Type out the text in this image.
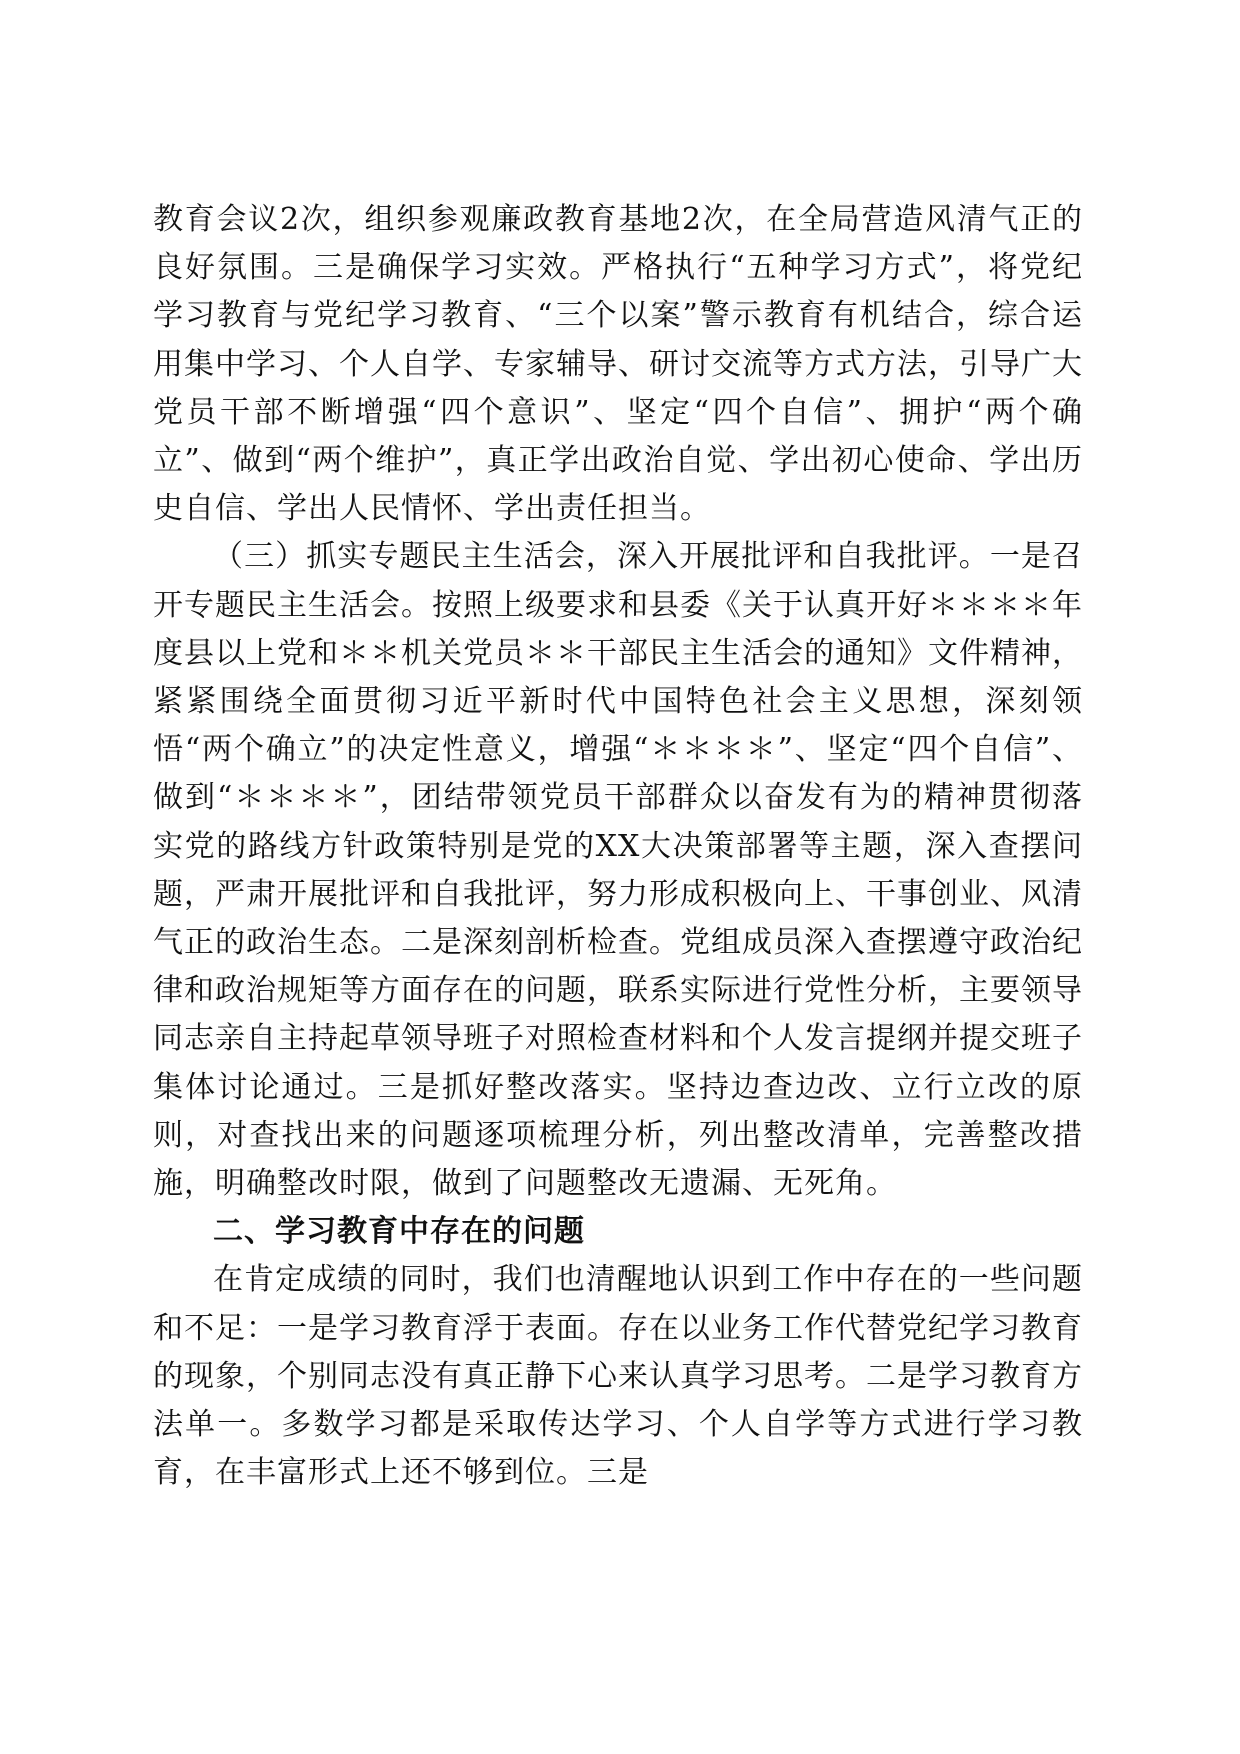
教育会议2次，组织参观廉政教育基地2次，在全局营造风清气正的良好氛围。三是确保学习实效。严格执行“五种学习方式”，将党纪学习教育与党纪学习教育、“三个以案”警示教育有机结合，综合运用集中学习、个人自学、专家辅导、研讨交流等方式方法，引导广大党员干部不断增强“四个意识”、坚定“四个自信”、拥护“两个确立”、做到“两个维护”，真正学出政治自觉、学出初心使命、学出历史自信、学出人民情怀、学出责任担当。

（三）抓实专题民主生活会，深入开展批评和自我批评。一是召开专题民主生活会。按照上级要求和县委《关于认真开好＊＊＊＊年度县以上党和＊＊机关党员＊＊干部民主生活会的通知》文件精神，紧紧围绕全面贯彻习近平新时代中国特色社会主义思想，深刻领悟“两个确立”的决定性意义，增强“＊＊＊＊”、坚定“四个自信”、做到“＊＊＊＊”，团结带领党员干部群众以奋发有为的精神贯彻落实党的路线方针政策特别是党的XX大决策部署等主题，深入查摆问题，严肃开展批评和自我批评，努力形成积极向上、干事创业、风清气正的政治生态。二是深刻剖析检查。党组成员深入查摆遵守政治纪律和政治规矩等方面存在的问题，联系实际进行党性分析，主要领导同志亲自主持起草领导班子对照检查材料和个人发言提纲并提交班子集体讨论通过。三是抓好整改落实。坚持边查边改、立行立改的原则，对查找出来的问题逐项梳理分析，列出整改清单，完善整改措施，明确整改时限，做到了问题整改无遗漏、无死角。

二、学习教育中存在的问题

在肯定成绩的同时，我们也清醒地认识到工作中存在的一些问题和不足：一是学习教育浮于表面。存在以业务工作代替党纪学习教育的现象，个别同志没有真正静下心来认真学习思考。二是学习教育方法单一。多数学习都是采取传达学习、个人自学等方式进行学习教育，在丰富形式上还不够到位。三是
